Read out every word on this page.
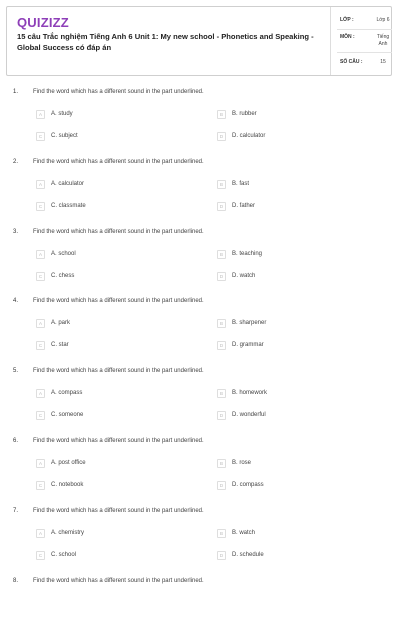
QUIZIZZ
15 câu Trắc nghiệm Tiếng Anh 6 Unit 1: My new school - Phonetics and Speaking - Global Success có đáp án
LỚP :	Lớp 6
MÔN :	Tiếng Anh
SỐ CÂU :	15
1. Find the word which has a different sound in the part underlined.
A	A. study	B	B. rubber
C	C. subject	D	D. calculator
2. Find the word which has a different sound in the part underlined.
A	A. calculator	B	B. fast
C	C. classmate	D	D. father
3. Find the word which has a different sound in the part underlined.
A	A. school	B	B. teaching
C	C. chess	D	D. watch
4. Find the word which has a different sound in the part underlined.
A	A. park	B	B. sharpener
C	C. star	D	D. grammar
5. Find the word which has a different sound in the part underlined.
A	A. compass	B	B. homework
C	C. someone	D	D. wonderful
6. Find the word which has a different sound in the part underlined.
A	A. post office	B	B. rose
C	C. notebook	D	D. compass
7. Find the word which has a different sound in the part underlined.
A	A. chemistry	B	B. watch
C	C. school	D	D. schedule
8. Find the word which has a different sound in the part underlined.
